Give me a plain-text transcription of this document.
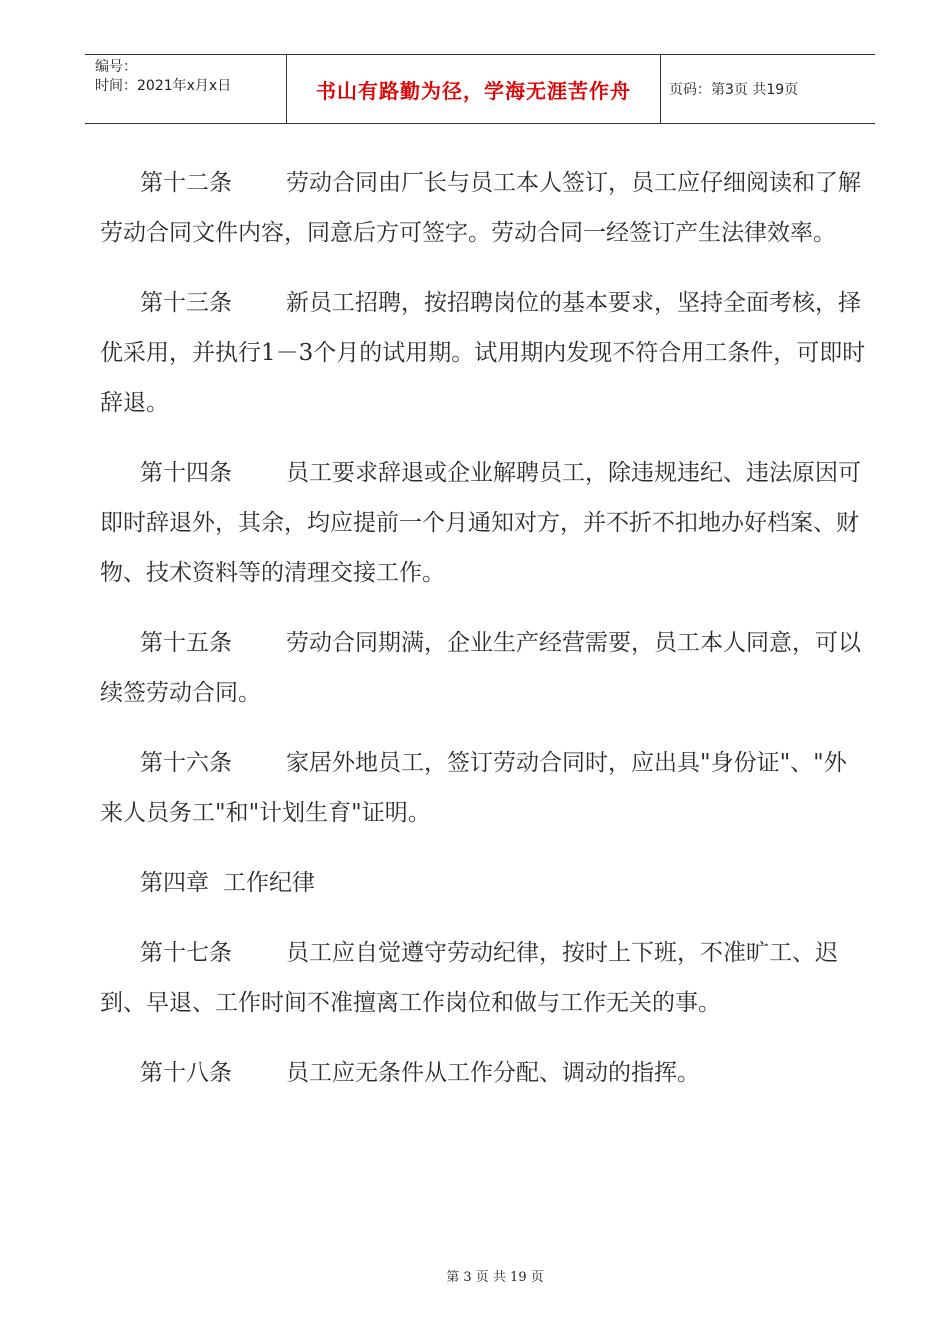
编号：
时间：2021年x月x日	书山有路勤为径，学海无涯苦作舟	页码：第3页 共19页

第十二条 劳动合同由厂长与员工本人签订，员工应仔细阅读和了解劳动合同文件内容，同意后方可签字。劳动合同一经签订产生法律效率。

第十三条 新员工招聘，按招聘岗位的基本要求，坚持全面考核，择优采用，并执行1－3个月的试用期。试用期内发现不符合用工条件，可即时辞退。

第十四条 员工要求辞退或企业解聘员工，除违规违纪、违法原因可即时辞退外，其余，均应提前一个月通知对方，并不折不扣地办好档案、财物、技术资料等的清理交接工作。

第十五条 劳动合同期满，企业生产经营需要，员工本人同意，可以续签劳动合同。

第十六条 家居外地员工，签订劳动合同时，应出具"身份证"、"外来人员务工"和"计划生育"证明。

第四章 工作纪律

第十七条 员工应自觉遵守劳动纪律，按时上下班，不准旷工、迟到、早退、工作时间不准擅离工作岗位和做与工作无关的事。

第十八条 员工应无条件从工作分配、调动的指挥。

第 3 页 共 19 页
